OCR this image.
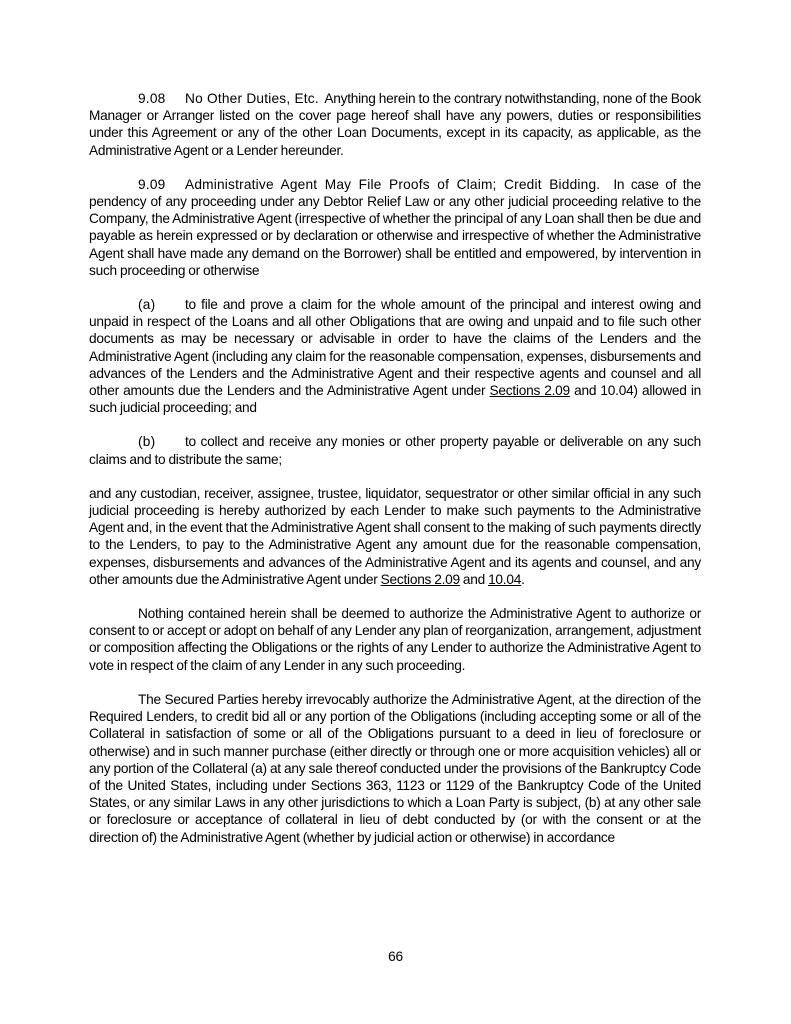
9.08 No Other Duties, Etc. Anything herein to the contrary notwithstanding, none of the Book Manager or Arranger listed on the cover page hereof shall have any powers, duties or responsibilities under this Agreement or any of the other Loan Documents, except in its capacity, as applicable, as the Administrative Agent or a Lender hereunder.

9.09 Administrative Agent May File Proofs of Claim; Credit Bidding. In case of the pendency of any proceeding under any Debtor Relief Law or any other judicial proceeding relative to the Company, the Administrative Agent (irrespective of whether the principal of any Loan shall then be due and payable as herein expressed or by declaration or otherwise and irrespective of whether the Administrative Agent shall have made any demand on the Borrower) shall be entitled and empowered, by intervention in such proceeding or otherwise

(a) to file and prove a claim for the whole amount of the principal and interest owing and unpaid in respect of the Loans and all other Obligations that are owing and unpaid and to file such other documents as may be necessary or advisable in order to have the claims of the Lenders and the Administrative Agent (including any claim for the reasonable compensation, expenses, disbursements and advances of the Lenders and the Administrative Agent and their respective agents and counsel and all other amounts due the Lenders and the Administrative Agent under Sections 2.09 and 10.04) allowed in such judicial proceeding; and

(b) to collect and receive any monies or other property payable or deliverable on any such claims and to distribute the same;

and any custodian, receiver, assignee, trustee, liquidator, sequestrator or other similar official in any such judicial proceeding is hereby authorized by each Lender to make such payments to the Administrative Agent and, in the event that the Administrative Agent shall consent to the making of such payments directly to the Lenders, to pay to the Administrative Agent any amount due for the reasonable compensation, expenses, disbursements and advances of the Administrative Agent and its agents and counsel, and any other amounts due the Administrative Agent under Sections 2.09 and 10.04.

Nothing contained herein shall be deemed to authorize the Administrative Agent to authorize or consent to or accept or adopt on behalf of any Lender any plan of reorganization, arrangement, adjustment or composition affecting the Obligations or the rights of any Lender to authorize the Administrative Agent to vote in respect of the claim of any Lender in any such proceeding.

The Secured Parties hereby irrevocably authorize the Administrative Agent, at the direction of the Required Lenders, to credit bid all or any portion of the Obligations (including accepting some or all of the Collateral in satisfaction of some or all of the Obligations pursuant to a deed in lieu of foreclosure or otherwise) and in such manner purchase (either directly or through one or more acquisition vehicles) all or any portion of the Collateral (a) at any sale thereof conducted under the provisions of the Bankruptcy Code of the United States, including under Sections 363, 1123 or 1129 of the Bankruptcy Code of the United States, or any similar Laws in any other jurisdictions to which a Loan Party is subject, (b) at any other sale or foreclosure or acceptance of collateral in lieu of debt conducted by (or with the consent or at the direction of) the Administrative Agent (whether by judicial action or otherwise) in accordance

66
